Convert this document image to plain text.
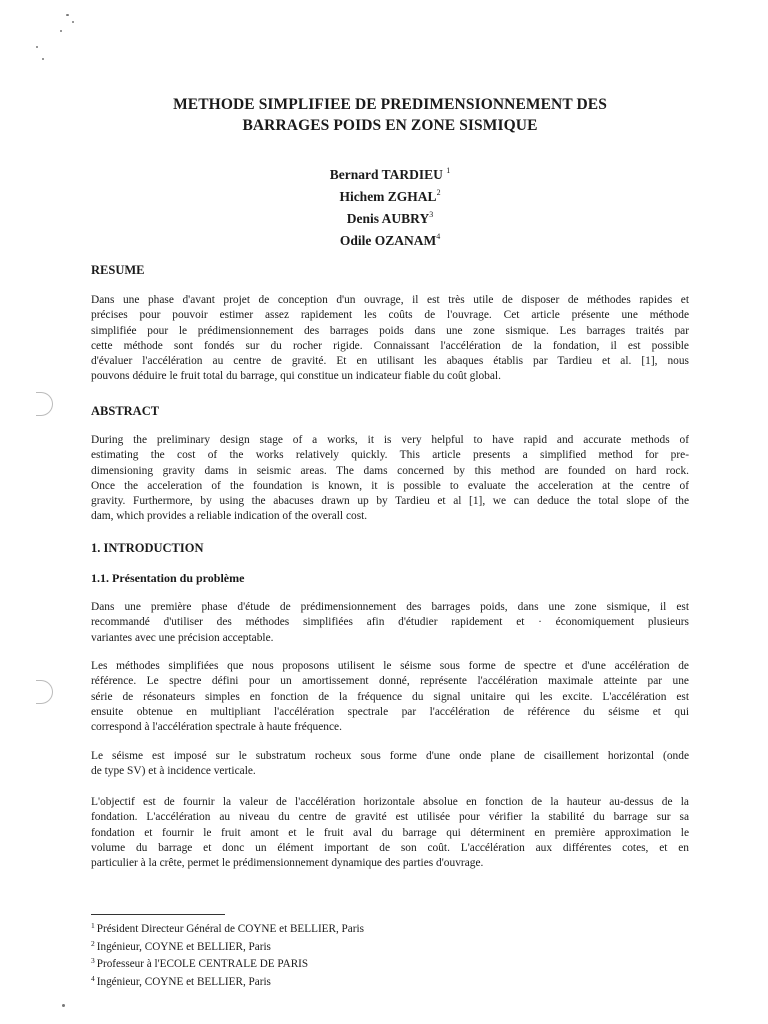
METHODE SIMPLIFIEE DE PREDIMENSIONNEMENT DES
BARRAGES POIDS EN ZONE SISMIQUE
Bernard TARDIEU $^1$
Hichem ZGHAL$^2$
Denis AUBRY$^3$
Odile OZANAM$^4$
RESUME
Dans une phase d'avant projet de conception d'un ouvrage, il est très utile de disposer de méthodes rapides et
précises pour pouvoir estimer assez rapidement les coûts de l'ouvrage. Cet article présente une méthode
simplifiée pour le prédimensionnement des barrages poids dans une zone sismique. Les barrages traités par
cette méthode sont fondés sur du rocher rigide. Connaissant l'accélération de la fondation, il est possible
d'évaluer l'accélération au centre de gravité. Et en utilisant les abaques établis par Tardieu et al. [1], nous
pouvons déduire le fruit total du barrage, qui constitue un indicateur fiable du coût global.
ABSTRACT
During the preliminary design stage of a works, it is very helpful to have rapid and accurate methods of
estimating the cost of the works relatively quickly. This article presents a simplified method for pre-
dimensioning gravity dams in seismic areas. The dams concerned by this method are founded on hard rock.
Once the acceleration of the foundation is known, it is possible to evaluate the acceleration at the centre of
gravity. Furthermore, by using the abacuses drawn up by Tardieu et al [1], we can deduce the total slope of the
dam, which provides a reliable indication of the overall cost.
1. INTRODUCTION
1.1. Présentation du problème
Dans une première phase d'étude de prédimensionnement des barrages poids, dans une zone sismique, il est
recommandé d'utiliser des méthodes simplifiées afin d'étudier rapidement et · économiquement plusieurs
variantes avec une précision acceptable.
Les méthodes simplifiées que nous proposons utilisent le séisme sous forme de spectre et d'une accélération de
référence. Le spectre défini pour un amortissement donné, représente l'accélération maximale atteinte par une
série de résonateurs simples en fonction de la fréquence du signal unitaire qui les excite. L'accélération est
ensuite obtenue en multipliant l'accélération spectrale par l'accélération de référence du séisme et qui
correspond à l'accélération spectrale à haute fréquence.
Le séisme est imposé sur le substratum rocheux sous forme d'une onde plane de cisaillement horizontal (onde
de type SV) et à incidence verticale.
L'objectif est de fournir la valeur de l'accélération horizontale absolue en fonction de la hauteur au-dessus de la
fondation. L'accélération au niveau du centre de gravité est utilisée pour vérifier la stabilité du barrage sur sa
fondation et fournir le fruit amont et le fruit aval du barrage qui déterminent en première approximation le
volume du barrage et donc un élément important de son coût. L'accélération aux différentes cotes, et en
particulier à la crête, permet le prédimensionnement dynamique des parties d'ouvrage.
$^1$ Président Directeur Général de COYNE et BELLIER, Paris
$^2$ Ingénieur, COYNE et BELLIER, Paris
$^3$ Professeur à l'ECOLE CENTRALE DE PARIS
$^4$ Ingénieur, COYNE et BELLIER, Paris
